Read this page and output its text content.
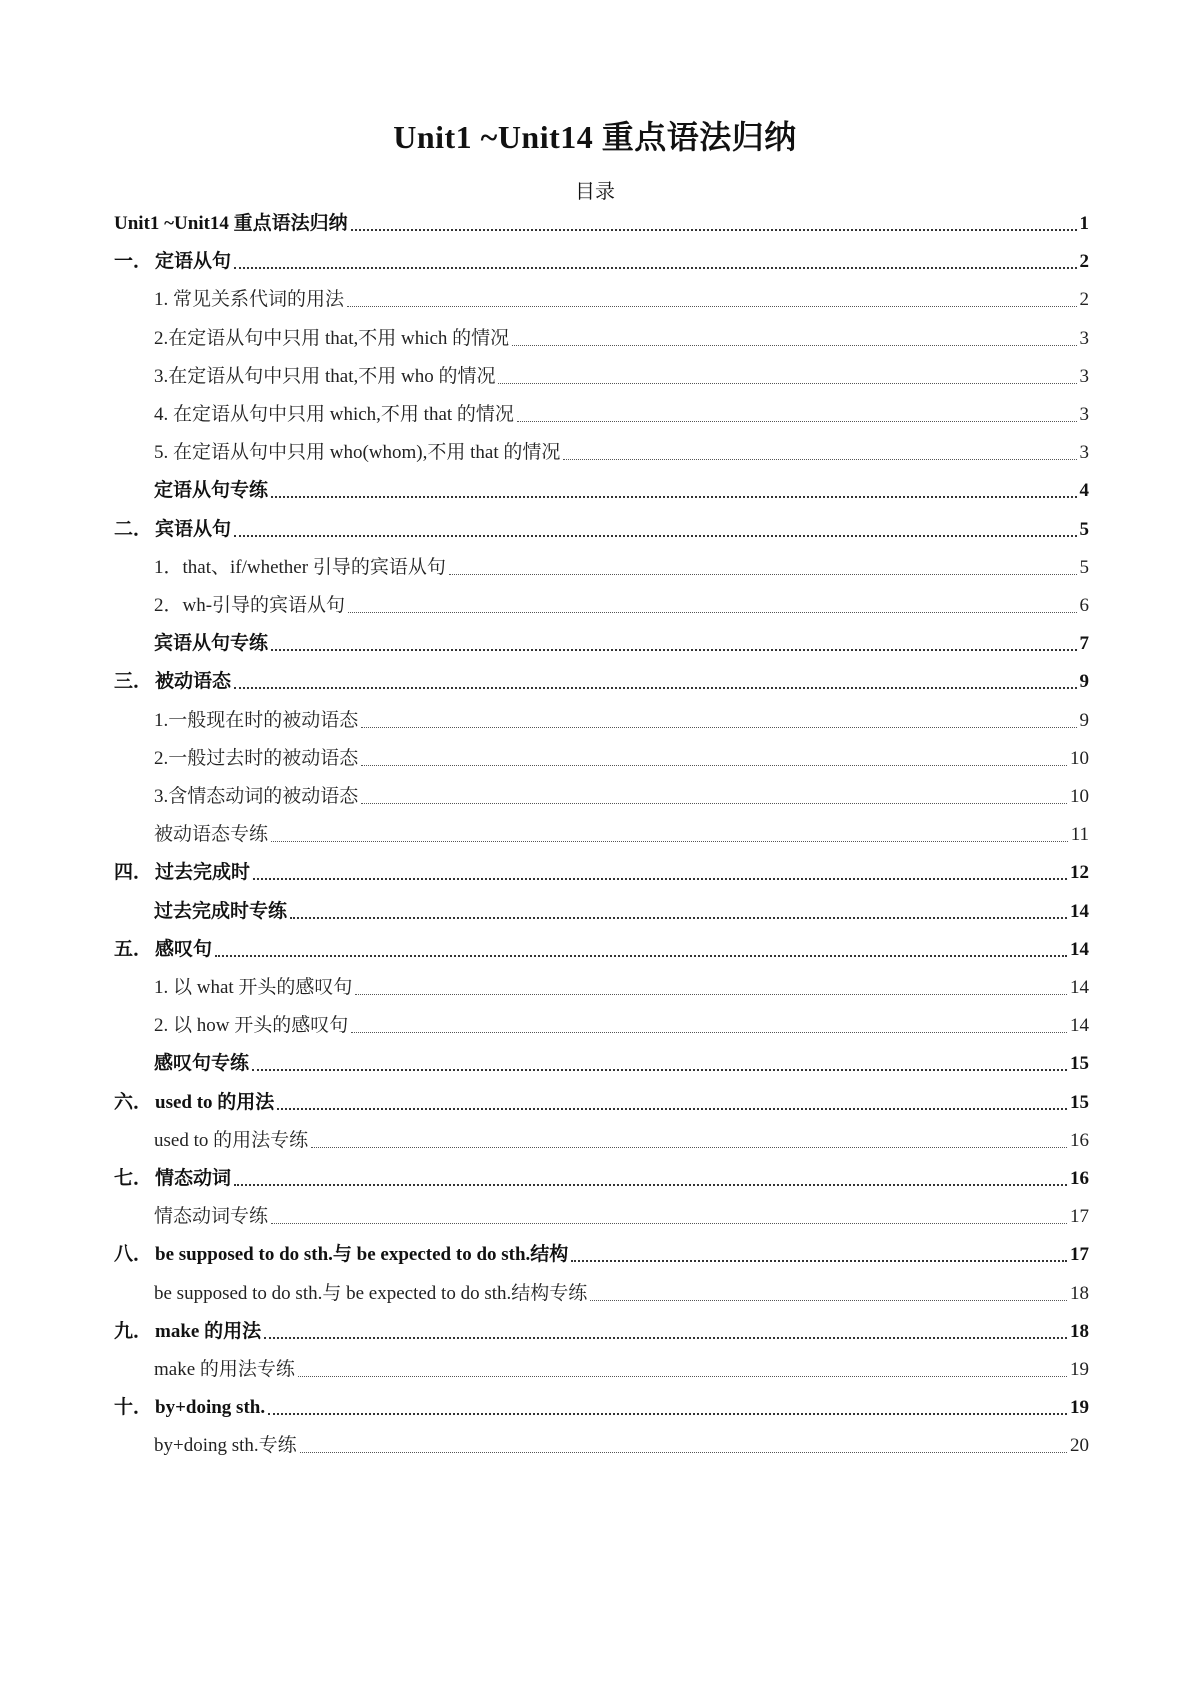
Unit1 ~Unit14 重点语法归纳
目录
Unit1 ~Unit14 重点语法归纳	1
一． 定语从句	2
1. 常见关系代词的用法	2
2.在定语从句中只用 that,不用 which 的情况	3
3.在定语从句中只用 that,不用 who 的情况	3
4. 在定语从句中只用 which,不用 that 的情况	3
5. 在定语从句中只用 who(whom),不用 that 的情况	3
定语从句专练	4
二． 宾语从句	5
1．that、if/whether 引导的宾语从句	5
2．wh-引导的宾语从句	6
宾语从句专练	7
三． 被动语态	9
1.一般现在时的被动语态	9
2.一般过去时的被动语态	10
3.含情态动词的被动语态	10
被动语态专练	11
四． 过去完成时	12
过去完成时专练	14
五． 感叹句	14
1. 以 what 开头的感叹句	14
2. 以 how 开头的感叹句	14
感叹句专练	15
六． used to 的用法	15
used to 的用法专练	16
七． 情态动词	16
情态动词专练	17
八． be supposed to do sth.与 be expected to do sth.结构	17
be supposed to do sth.与 be expected to do sth.结构专练	18
九． make 的用法	18
make 的用法专练	19
十． by+doing sth.	19
by+doing sth.专练	20
